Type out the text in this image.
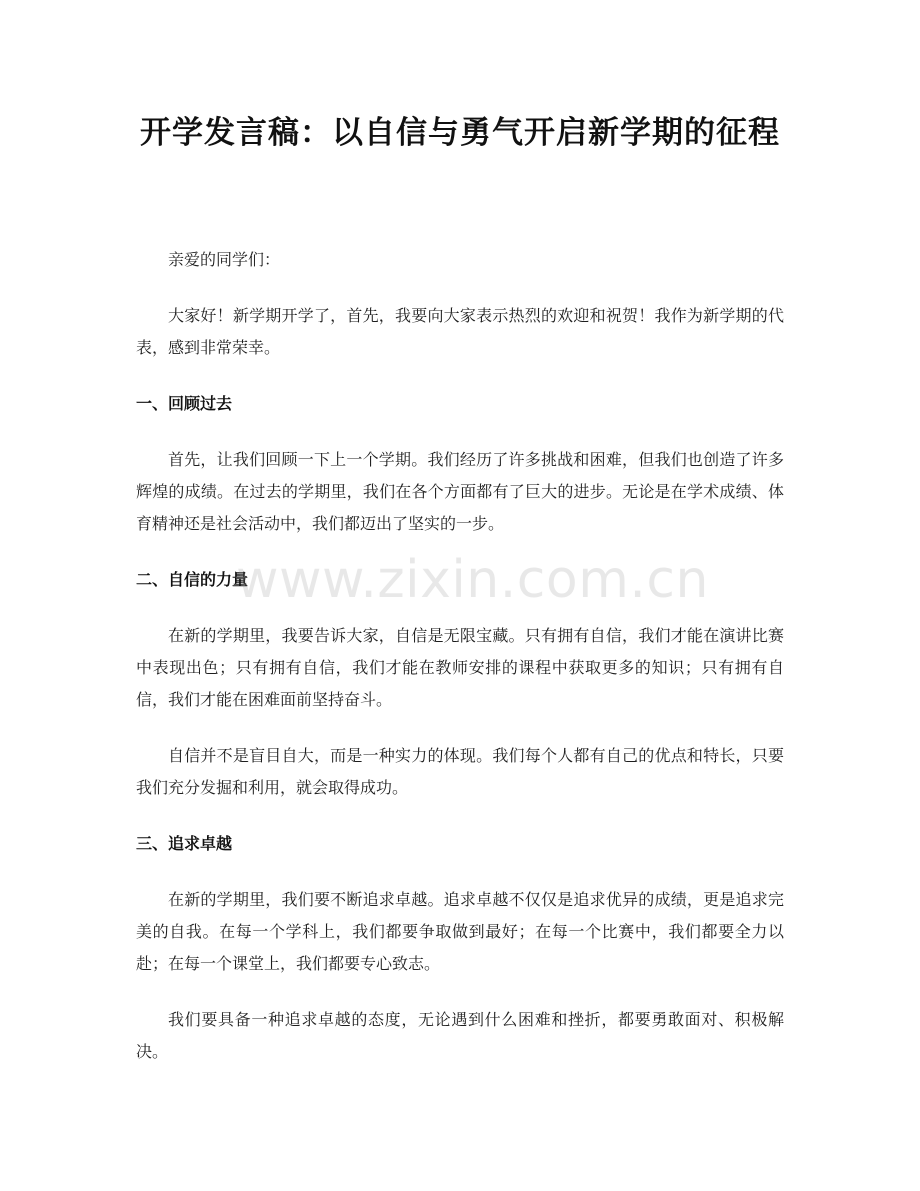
开学发言稿：以自信与勇气开启新学期的征程

亲爱的同学们：

大家好！新学期开学了，首先，我要向大家表示热烈的欢迎和祝贺！我作为新学期的代表，感到非常荣幸。

一、回顾过去

首先，让我们回顾一下上一个学期。我们经历了许多挑战和困难，但我们也创造了许多辉煌的成绩。在过去的学期里，我们在各个方面都有了巨大的进步。无论是在学术成绩、体育精神还是社会活动中，我们都迈出了坚实的一步。

二、自信的力量

在新的学期里，我要告诉大家，自信是无限宝藏。只有拥有自信，我们才能在演讲比赛中表现出色；只有拥有自信，我们才能在教师安排的课程中获取更多的知识；只有拥有自信，我们才能在困难面前坚持奋斗。

自信并不是盲目自大，而是一种实力的体现。我们每个人都有自己的优点和特长，只要我们充分发掘和利用，就会取得成功。

三、追求卓越

在新的学期里，我们要不断追求卓越。追求卓越不仅仅是追求优异的成绩，更是追求完美的自我。在每一个学科上，我们都要争取做到最好；在每一个比赛中，我们都要全力以赴；在每一个课堂上，我们都要专心致志。

我们要具备一种追求卓越的态度，无论遇到什么困难和挫折，都要勇敢面对、积极解决。

www.zixin.com.cn
